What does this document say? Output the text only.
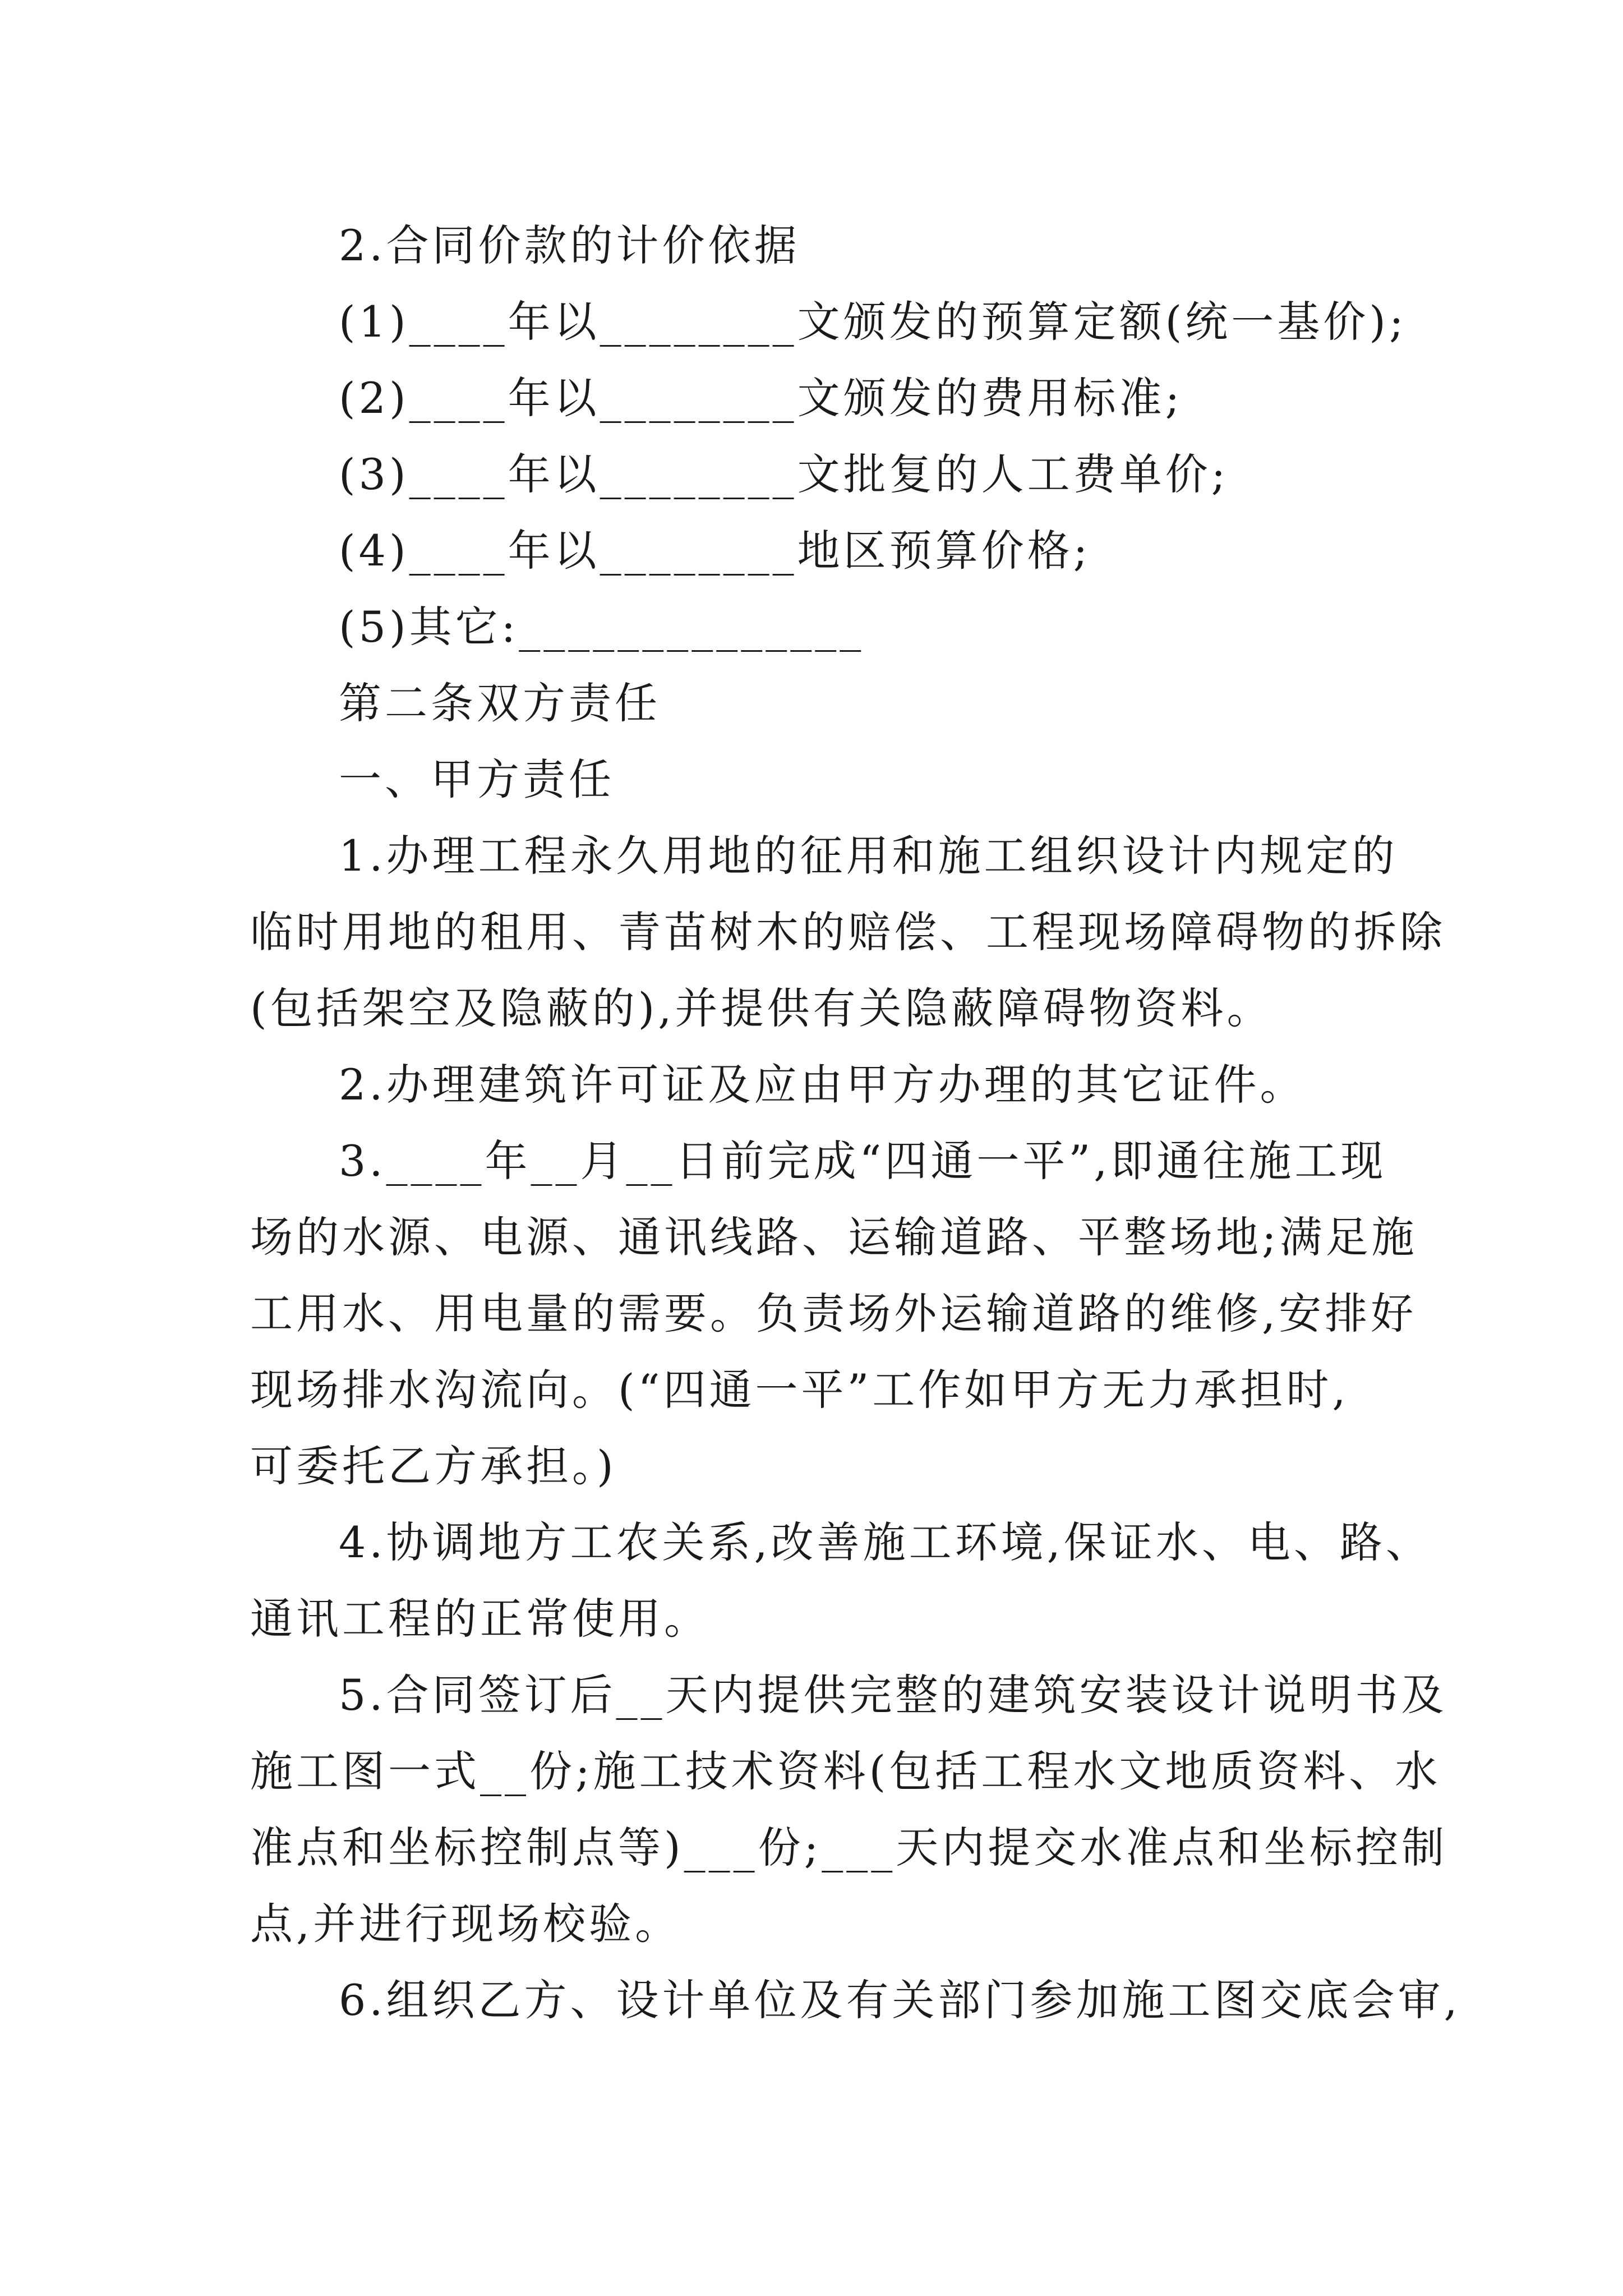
2.合同价款的计价依据
(1)____年以________文颁发的预算定额(统一基价);
(2)____年以________文颁发的费用标准;
(3)____年以________文批复的人工费单价;
(4)____年以________地区预算价格;
(5)其它:______________
第二条双方责任
一、甲方责任
1.办理工程永久用地的征用和施工组织设计内规定的
临时用地的租用、青苗树木的赔偿、工程现场障碍物的拆除
(包括架空及隐蔽的),并提供有关隐蔽障碍物资料。
2.办理建筑许可证及应由甲方办理的其它证件。
3.____年__月__日前完成“四通一平”,即通往施工现
场的水源、电源、通讯线路、运输道路、平整场地;满足施
工用水、用电量的需要。负责场外运输道路的维修,安排好
现场排水沟流向。(“四通一平”工作如甲方无力承担时,
可委托乙方承担。)
4.协调地方工农关系,改善施工环境,保证水、电、路、
通讯工程的正常使用。
5.合同签订后__天内提供完整的建筑安装设计说明书及
施工图一式__份;施工技术资料(包括工程水文地质资料、水
准点和坐标控制点等)___份;___天内提交水准点和坐标控制
点,并进行现场校验。
6.组织乙方、设计单位及有关部门参加施工图交底会审,
